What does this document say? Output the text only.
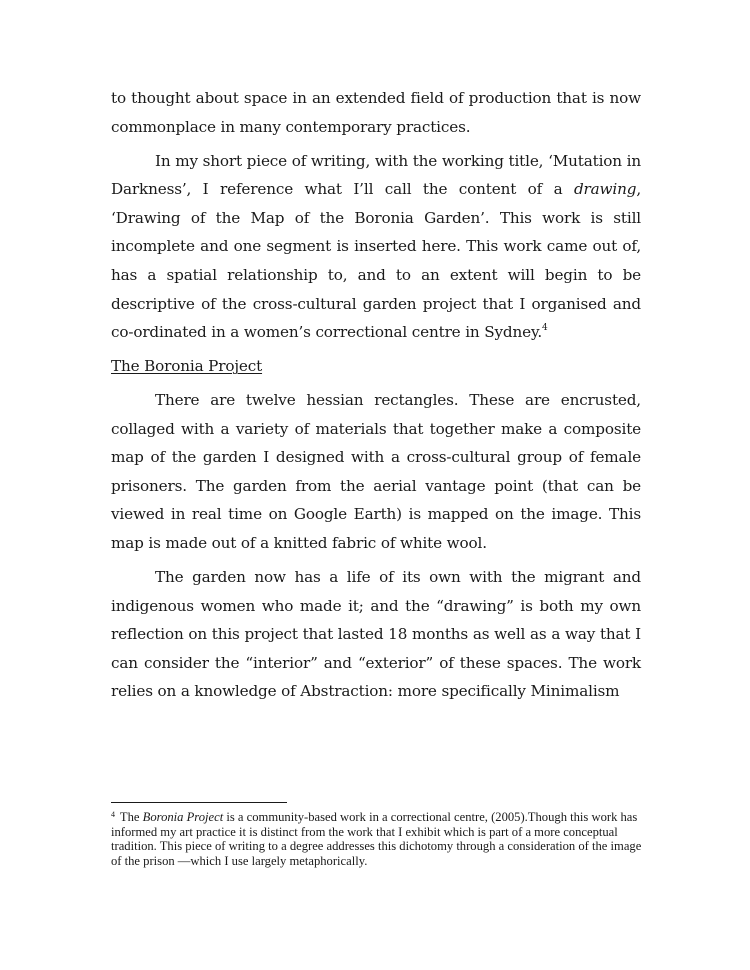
to thought about space in an extended field of production that is now commonplace in many contemporary practices.

In my short piece of writing, with the working title, ‘Mutation in Darkness’, I reference what I’ll call the content of a drawing, ‘Drawing of the Map of the Boronia Garden’. This work is still incomplete and one segment is inserted here. This work came out of, has a spatial relationship to, and to an extent will begin to be descriptive of the cross-cultural garden project that I organised and co-ordinated in a women’s correctional centre in Sydney.$^4$

The Boronia Project

There are twelve hessian rectangles. These are encrusted, collaged with a variety of materials that together make a composite map of the garden I designed with a cross-cultural group of female prisoners. The garden from the aerial vantage point (that can be viewed in real time on Google Earth) is mapped on the image. This map is made out of a knitted fabric of white wool.

The garden now has a life of its own with the migrant and indigenous women who made it; and the “drawing” is both my own reflection on this project that lasted 18 months as well as a way that I can consider the “interior” and “exterior” of these spaces. The work relies on a knowledge of Abstraction: more specifically Minimalism

$^4$ The Boronia Project is a community-based work in a correctional centre, (2005).Though this work has informed my art practice it is distinct from the work that I exhibit which is part of a more conceptual tradition. This piece of writing to a degree addresses this dichotomy through a consideration of the image of the prison —which I use largely metaphorically.
